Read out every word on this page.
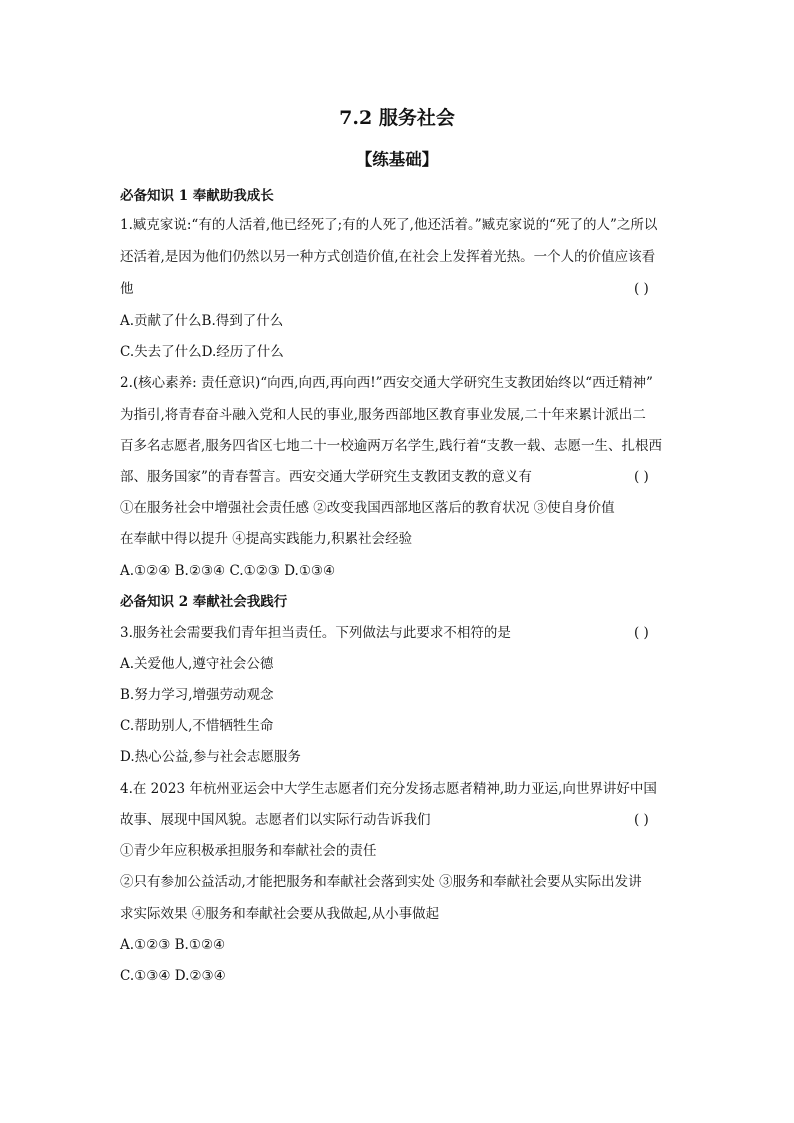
7.2 服务社会
【练基础】
必备知识 1 奉献助我成长
1.臧克家说:“有的人活着,他已经死了;有的人死了,他还活着。”臧克家说的“死了的人”之所以
还活着,是因为他们仍然以另一种方式创造价值,在社会上发挥着光热。一个人的价值应该看
他	( )
A.贡献了什么B.得到了什么
C.失去了什么D.经历了什么
2.(核心素养: 责任意识)“向西,向西,再向西!”西安交通大学研究生支教团始终以“西迁精神”
为指引,将青春奋斗融入党和人民的事业,服务西部地区教育事业发展,二十年来累计派出二
百多名志愿者,服务四省区七地二十一校逾两万名学生,践行着“支教一载、志愿一生、扎根西
部、服务国家”的青春誓言。西安交通大学研究生支教团支教的意义有	( )
①在服务社会中增强社会责任感 ②改变我国西部地区落后的教育状况 ③使自身价值
在奉献中得以提升 ④提高实践能力,积累社会经验
A.①②④ B.②③④ C.①②③ D.①③④
必备知识 2 奉献社会我践行
3.服务社会需要我们青年担当责任。下列做法与此要求不相符的是	( )
A.关爱他人,遵守社会公德
B.努力学习,增强劳动观念
C.帮助别人,不惜牺牲生命
D.热心公益,参与社会志愿服务
4.在 2023 年杭州亚运会中大学生志愿者们充分发扬志愿者精神,助力亚运,向世界讲好中国
故事、展现中国风貌。志愿者们以实际行动告诉我们	( )
①青少年应积极承担服务和奉献社会的责任
②只有参加公益活动,才能把服务和奉献社会落到实处 ③服务和奉献社会要从实际出发讲
求实际效果 ④服务和奉献社会要从我做起,从小事做起
A.①②③ B.①②④
C.①③④ D.②③④
